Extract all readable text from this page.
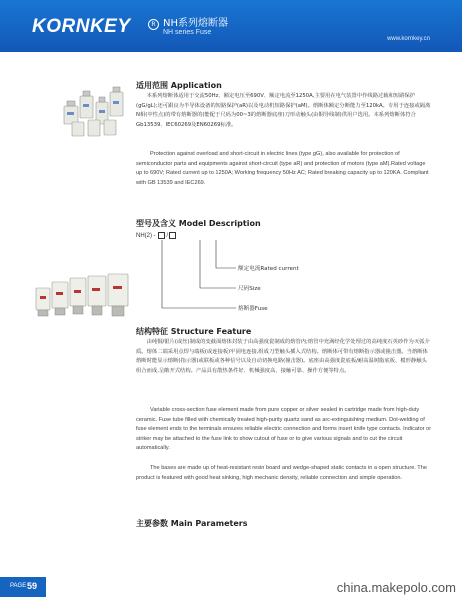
KORNKEY	R NH系列熔断器
NH series Fuse
www.kornkey.cn
适用范围 Application
本系列熔断体适用于交流50Hz、额定电压至690V、额定电流至1250A,主要用在电气装置中作线路过载和短路保护(gG/gL);还可跟良为半导体设备的短路保护(aR)以及电动机短路保护(aM)。熔断体额定分断能力至120kA。专用于连接或隔离N相(中性点)的带有熔断器的(能配于尺码为00~3的熔断器底座)刀形动触头(由铜导线制)供用户选用。本系列熔断体符合Gb13539、IEC60269及EN60269标准。
Protection against overload and short-circuit in electric lines (type gG), also available for protection of semiconductor parts and equipments against short-circuit (type aR) and protection of motors (type aM).Rated voltage up to 690V; Rated current up to 1250A; Working frequency 50Hz AC; Rated breaking capacity up to 120KA. Compliant with GB 13539 and IEC269.
型号及含义 Model Description
NH(2) - /
额定电流Rated current
尺码Size
熔断器Fuse
结构特征 Structure Feature
由纯铜/银片(或丝)制成的变截面熔体封装于由高强度瓷制成的熔管内;熔管中充满经化学处理过的高纯度石英砂作为灭弧介质。熔体二端采用点焊与端板(或连接板)牢固电连接,组成刀型触头插入式结构。熔断体可带有熔断指示器或撞击器。当熔断体熔断时能显示熔断(指示器)或联板或各种信号以及自动切换电路(撞击器)。底座由高强度瓷底板/耐高温树脂底板、模形静触头组合而成,呈敞开式结构。产品具有散热条件好、机械强度高、接触可靠、操作方便等特点。
Variable cross-section fuse element made from pure copper or silver sealed in cartridge made from high-duty ceramic. Fuse tube filled with chemically treated high-purity quartz sand as arc-extinguishing medium. Dot-welding of fuse element ends to the terminals ensures reliable electric connection and forms insert knife type contacts. Indicator or striker may be attached to the fuse link to show cutout of fuse or to give various signals and to cut the circuit automatically.
The bases are made up of heat-resistant resin board and wedge-shaped static contacts in a open structure. The product is featured with good heat sinking, high mechanic density, reliable connection and simple operation.
主要参数 Main Parameters
PAGE 59	china.makepolo.com
